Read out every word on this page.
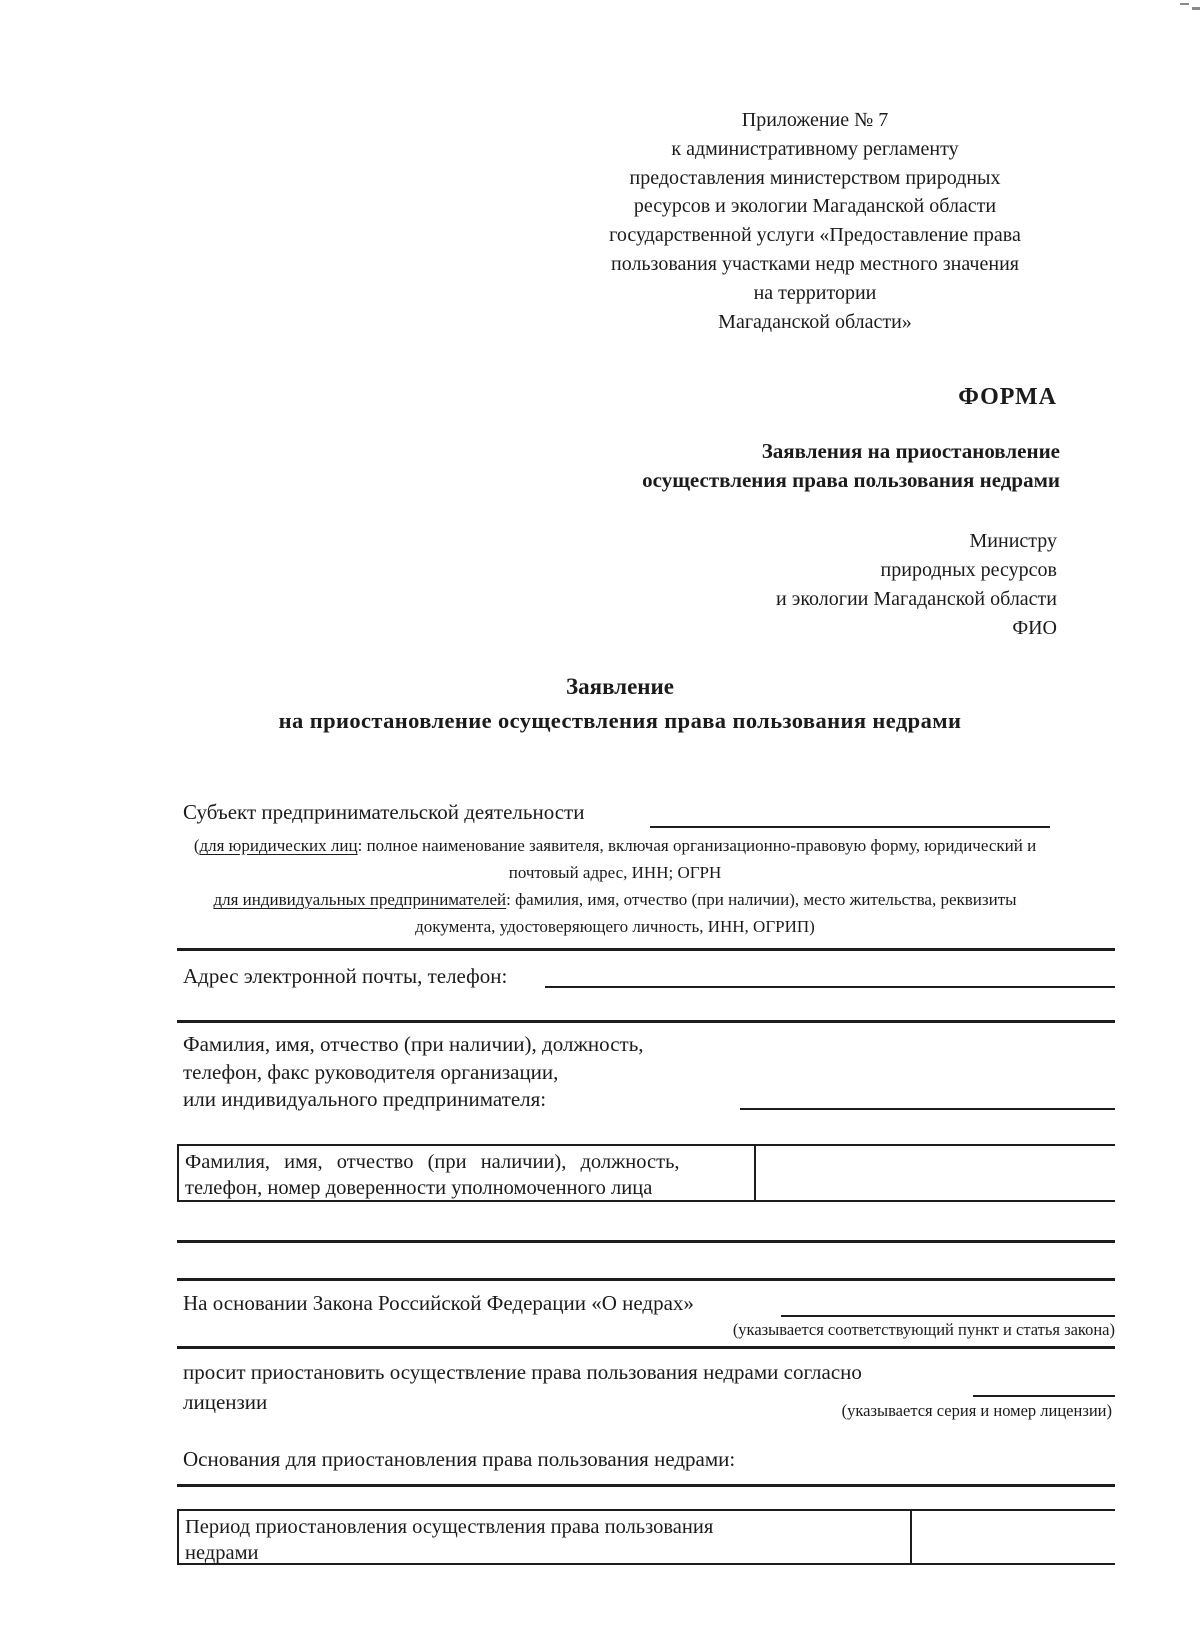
Приложение № 7
к административному регламенту
предоставления министерством природных
ресурсов и экологии Магаданской области
государственной услуги «Предоставление права
пользования участками недр местного значения
на территории
Магаданской области»
ФОРМА
Заявления на приостановление
осуществления права пользования недрами
Министру
природных ресурсов
и экологии Магаданской области
ФИО
Заявление
на приостановление осуществления права пользования недрами
Субъект предпринимательской деятельности
(для юридических лиц: полное наименование заявителя, включая организационно-правовую форму, юридический и
почтовый адрес, ИНН; ОГРН
для индивидуальных предпринимателей: фамилия, имя, отчество (при наличии), место жительства, реквизиты
документа, удостоверяющего личность, ИНН, ОГРИП)
Адрес электронной почты, телефон:
Фамилия, имя, отчество (при наличии), должность,
телефон, факс руководителя организации,
или индивидуального предпринимателя:
Фамилия, имя, отчество (при наличии), должность,
телефон, номер доверенности уполномоченного лица
На основании Закона Российской Федерации «О недрах»
(указывается соответствующий пункт и статья закона)
просит приостановить осуществление права пользования недрами согласно
лицензии	(указывается серия и номер лицензии)
Основания для приостановления права пользования недрами:
Период приостановления осуществления права пользования
недрами
